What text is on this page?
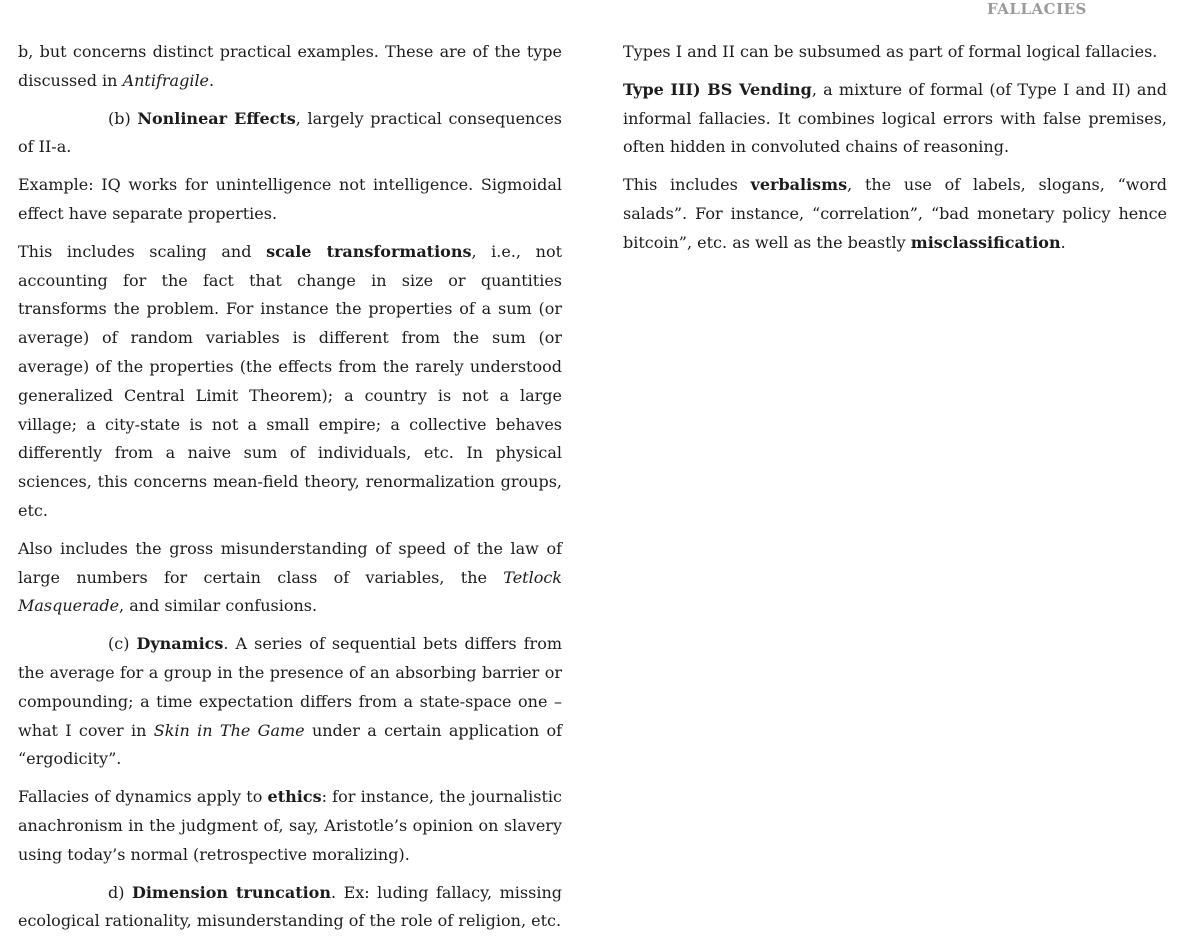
FALLACIES

b, but concerns distinct practical examples. These are of the type discussed in Antifragile.

(b) Nonlinear Effects, largely practical consequences of II-a.

Example: IQ works for unintelligence not intelligence. Sigmoidal effect have separate properties.

This includes scaling and scale transformations, i.e., not accounting for the fact that change in size or quantities transforms the problem. For instance the properties of a sum (or average) of random variables is different from the sum (or average) of the properties (the effects from the rarely understood generalized Central Limit Theorem); a country is not a large village; a city-state is not a small empire; a collective behaves differently from a naive sum of individuals, etc. In physical sciences, this concerns mean-field theory, renormalization groups, etc.

Also includes the gross misunderstanding of speed of the law of large numbers for certain class of variables, the Tetlock Masquerade, and similar confusions.

(c) Dynamics. A series of sequential bets differs from the average for a group in the presence of an absorbing barrier or compounding; a time expectation differs from a state-space one –what I cover in Skin in The Game under a certain application of “ergodicity”.

Fallacies of dynamics apply to ethics: for instance, the journalistic anachronism in the judgment of, say, Aristotle’s opinion on slavery using today’s normal (retrospective moralizing).

d) Dimension truncation. Ex: luding fallacy, missing ecological rationality, misunderstanding of the role of religion, etc.

Types I and II can be subsumed as part of formal logical fallacies.

Type III) BS Vending, a mixture of formal (of Type I and II) and informal fallacies. It combines logical errors with false premises, often hidden in convoluted chains of reasoning.

This includes verbalisms, the use of labels, slogans, “word salads”. For instance, “correlation”, “bad monetary policy hence bitcoin”, etc. as well as the beastly misclassification.
